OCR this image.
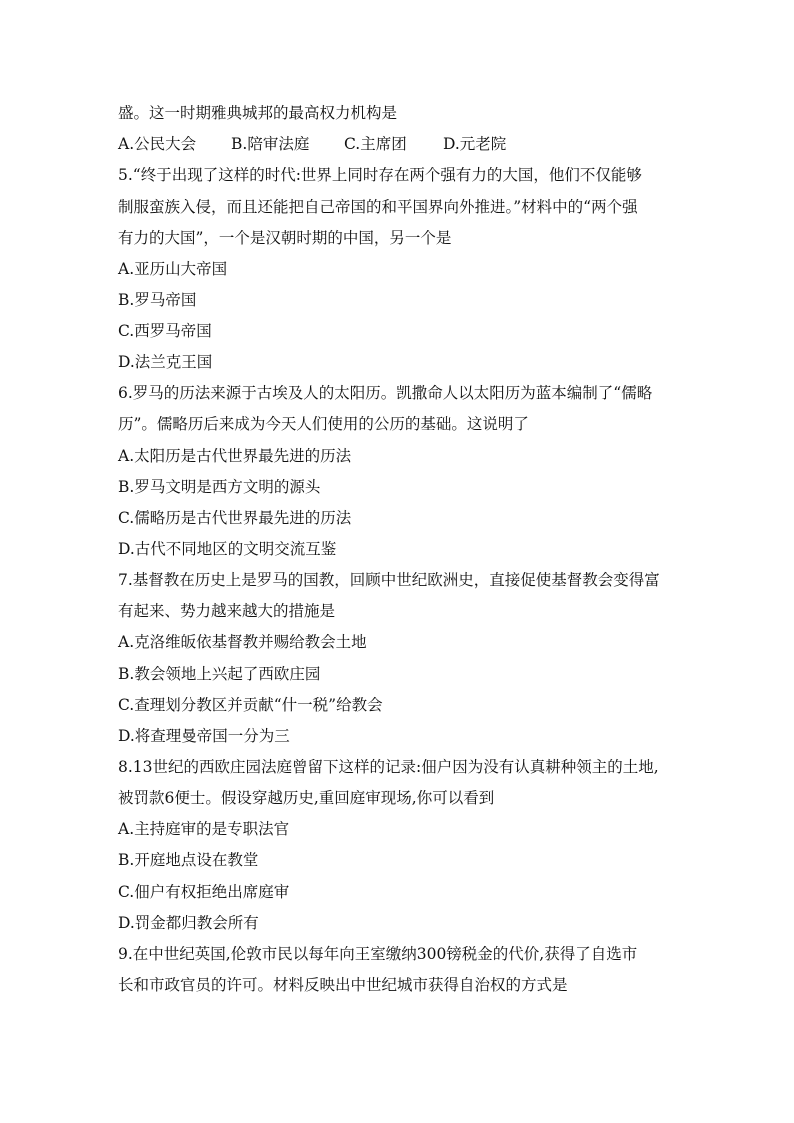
盛。这一时期雅典城邦的最高权力机构是

A.公民大会 B.陪审法庭 C.主席团 D.元老院

5.“终于出现了这样的时代:世界上同时存在两个强有力的大国，他们不仅能够

制服蛮族入侵，而且还能把自己帝国的和平国界向外推进。”材料中的“两个强

有力的大国”，一个是汉朝时期的中国，另一个是

A.亚历山大帝国

B.罗马帝国

C.西罗马帝国

D.法兰克王国

6.罗马的历法来源于古埃及人的太阳历。凯撒命人以太阳历为蓝本编制了“儒略

历”。儒略历后来成为今天人们使用的公历的基础。这说明了

A.太阳历是古代世界最先进的历法

B.罗马文明是西方文明的源头

C.儒略历是古代世界最先进的历法

D.古代不同地区的文明交流互鉴

7.基督教在历史上是罗马的国教，回顾中世纪欧洲史，直接促使基督教会变得富

有起来、势力越来越大的措施是

A.克洛维皈依基督教并赐给教会土地

B.教会领地上兴起了西欧庄园

C.查理划分教区并贡献“什一税”给教会

D.将查理曼帝国一分为三

8.13世纪的西欧庄园法庭曾留下这样的记录:佃户因为没有认真耕种领主的土地,

被罚款6便士。假设穿越历史,重回庭审现场,你可以看到

A.主持庭审的是专职法官

B.开庭地点设在教堂

C.佃户有权拒绝出席庭审

D.罚金都归教会所有

9.在中世纪英国,伦敦市民以每年向王室缴纳300镑税金的代价,获得了自选市

长和市政官员的许可。材料反映出中世纪城市获得自治权的方式是
